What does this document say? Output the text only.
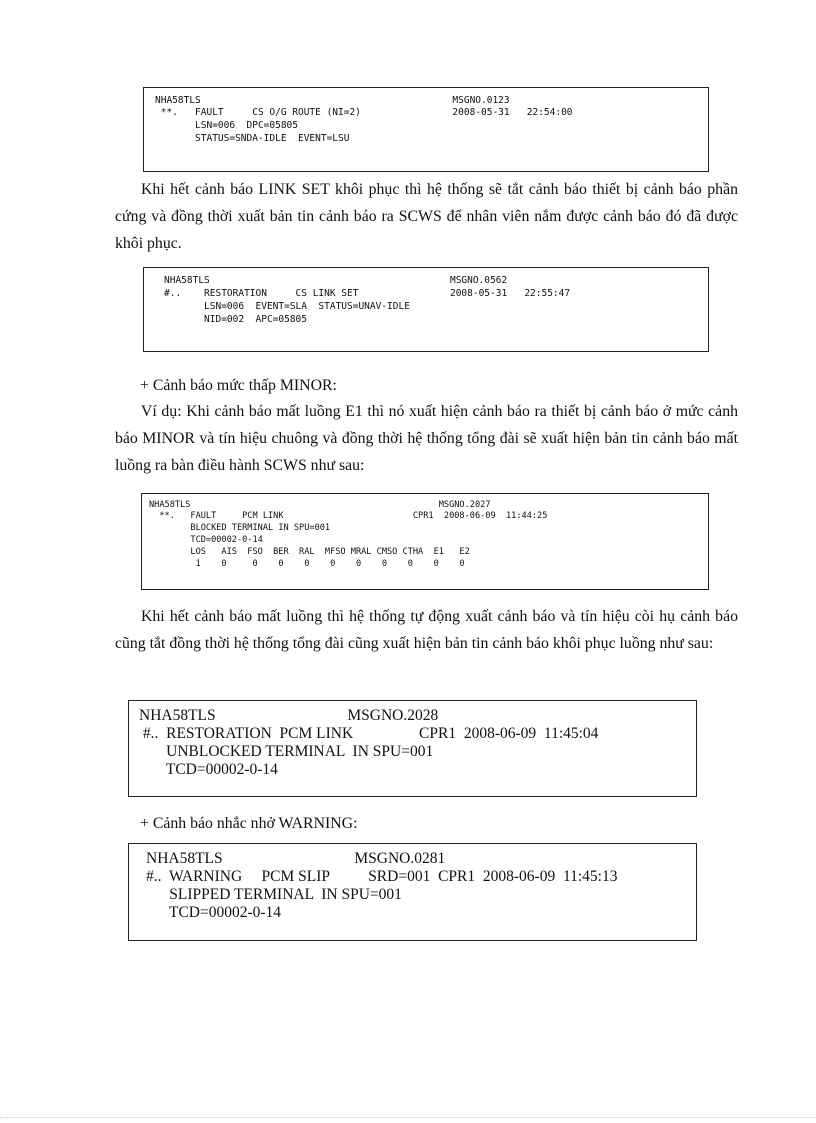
NHA58TLS                                            MSGNO.0123
**.   FAULT     CS O/G ROUTE (NI=2)                2008-05-31   22:54:00
LSN=006  DPC=05805
STATUS=SNDA-IDLE  EVENT=LSU

Khi hết cảnh báo LINK SET khôi phục thì hệ thống sẽ tắt cảnh báo thiết bị cảnh báo phần cứng và đồng thời xuất bản tin cảnh báo ra SCWS để nhân viên nắm được cảnh báo đó đã được khôi phục.

NHA58TLS                                          MSGNO.0562
#..    RESTORATION     CS LINK SET                2008-05-31   22:55:47
LSN=006  EVENT=SLA  STATUS=UNAV-IDLE
NID=002  APC=05805

+ Cảnh báo mức thấp MINOR:

Ví dụ: Khi cảnh báo mất luồng E1 thì nó xuất hiện cảnh báo ra thiết bị cảnh báo ở mức cảnh báo MINOR và tín hiệu chuông và đồng thời hệ thống tổng đài sẽ xuất hiện bản tin cảnh báo mất luồng ra bàn điều hành SCWS như sau:

NHA58TLS                                                MSGNO.2027
**.   FAULT     PCM LINK                         CPR1  2008-06-09  11:44:25
BLOCKED TERMINAL IN SPU=001
TCD=00002-0-14
LOS   AIS  FSO  BER  RAL  MFSO MRAL CMSO CTHA  E1   E2
1    0     0    0    0    0    0    0    0    0    0

Khi hết cảnh báo mất luồng thì hệ thống tự động xuất cảnh báo và tín hiệu còi hụ cảnh báo cũng tắt đồng thời hệ thống tổng đài cũng xuất hiện bản tin cảnh báo khôi phục luồng như sau:

NHA58TLS                                  MSGNO.2028
#..  RESTORATION  PCM LINK                 CPR1  2008-06-09  11:45:04
UNBLOCKED TERMINAL  IN SPU=001
TCD=00002-0-14

+ Cảnh báo nhắc nhở WARNING:

NHA58TLS                                  MSGNO.0281
#..  WARNING     PCM SLIP          SRD=001  CPR1  2008-06-09  11:45:13
SLIPPED TERMINAL  IN SPU=001
TCD=00002-0-14
